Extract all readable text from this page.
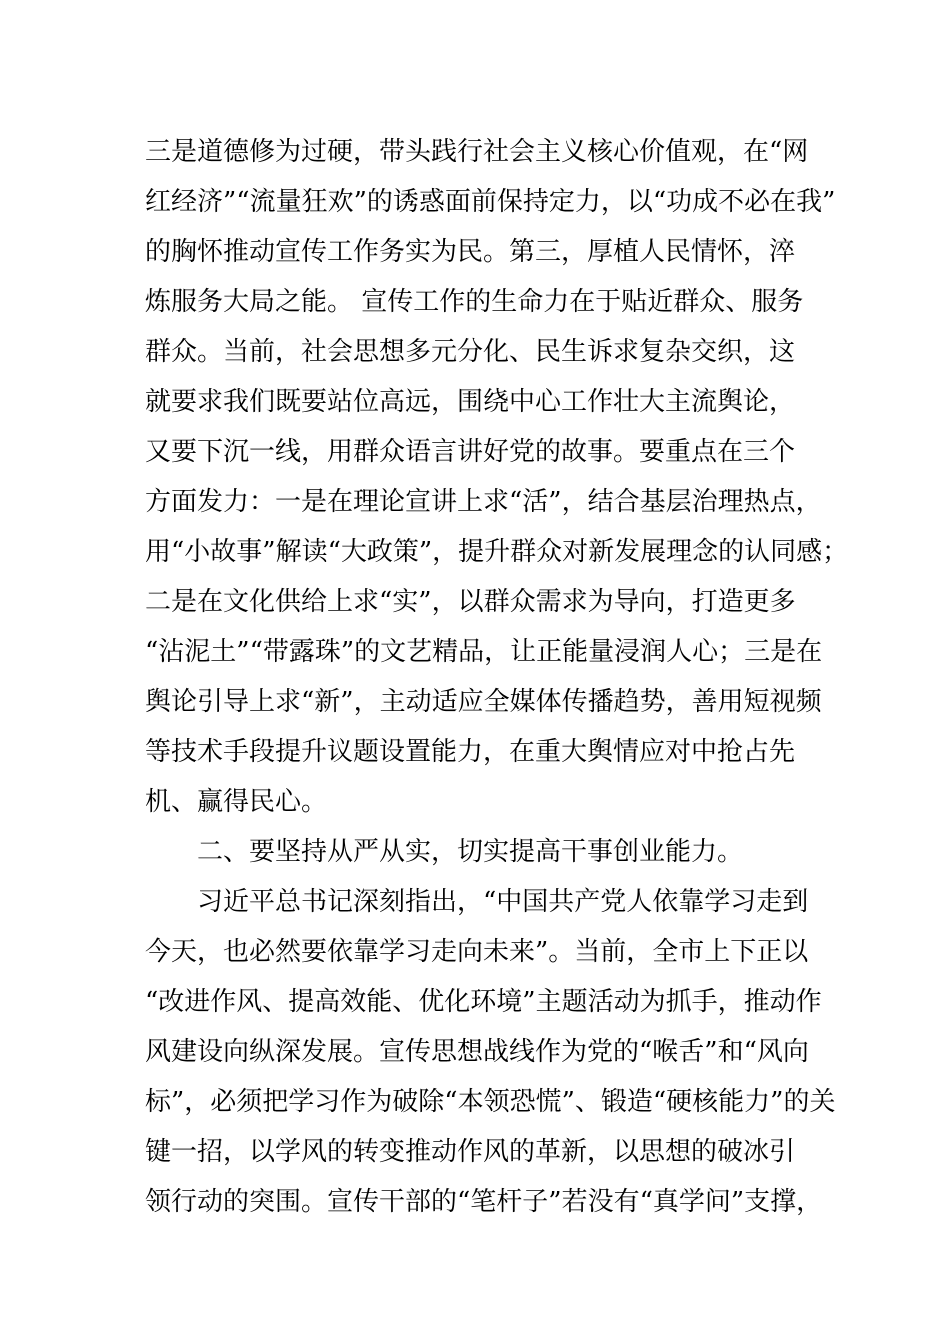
三是道德修为过硬，带头践行社会主义核心价值观，在“网
红经济”“流量狂欢”的诱惑面前保持定力，以“功成不必在我”
的胸怀推动宣传工作务实为民。第三，厚植人民情怀，淬
炼服务大局之能。 宣传工作的生命力在于贴近群众、服务
群众。当前，社会思想多元分化、民生诉求复杂交织，这
就要求我们既要站位高远，围绕中心工作壮大主流舆论，
又要下沉一线，用群众语言讲好党的故事。要重点在三个
方面发力：一是在理论宣讲上求“活”，结合基层治理热点，
用“小故事”解读“大政策”，提升群众对新发展理念的认同感；
二是在文化供给上求“实”，以群众需求为导向，打造更多
“沾泥土”“带露珠”的文艺精品，让正能量浸润人心；三是在
舆论引导上求“新”，主动适应全媒体传播趋势，善用短视频
等技术手段提升议题设置能力，在重大舆情应对中抢占先
机、赢得民心。
二、要坚持从严从实，切实提高干事创业能力。
习近平总书记深刻指出，“中国共产党人依靠学习走到
今天，也必然要依靠学习走向未来”。当前，全市上下正以
“改进作风、提高效能、优化环境”主题活动为抓手，推动作
风建设向纵深发展。宣传思想战线作为党的“喉舌”和“风向
标”，必须把学习作为破除“本领恐慌”、锻造“硬核能力”的关
键一招，以学风的转变推动作风的革新，以思想的破冰引
领行动的突围。宣传干部的“笔杆子”若没有“真学问”支撑，
